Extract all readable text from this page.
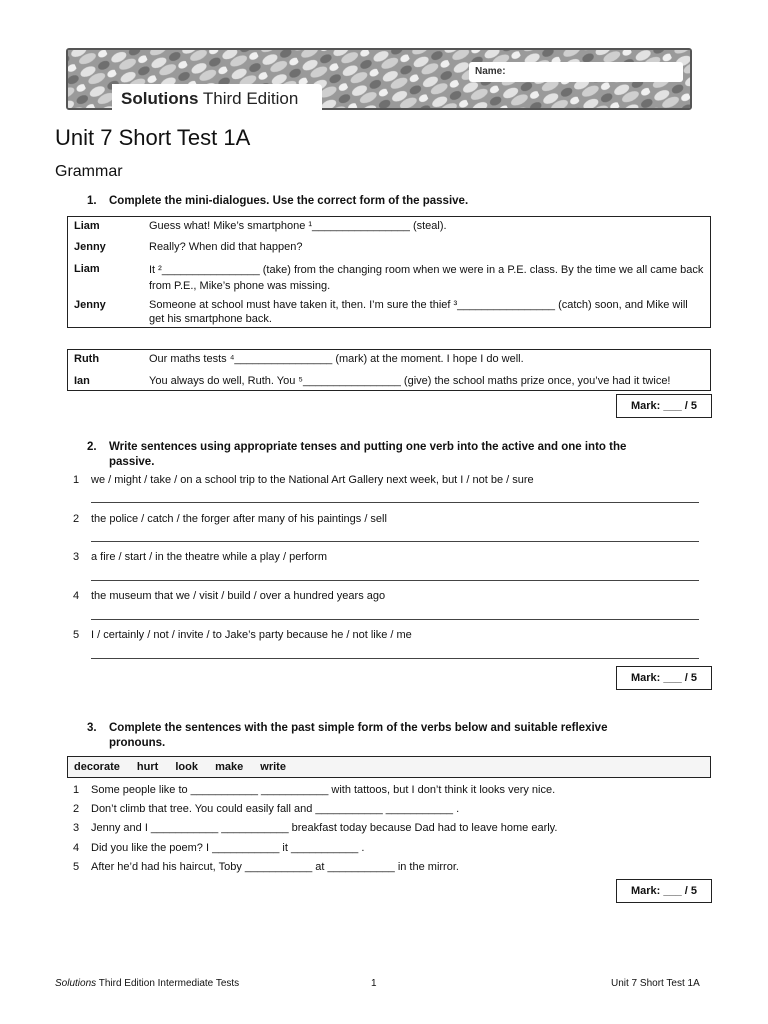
Solutions Third Edition
Name:
Unit 7 Short Test 1A
Grammar
1. Complete the mini-dialogues. Use the correct form of the passive.
Liam	Guess what! Mike’s smartphone ¹________________ (steal).
Jenny	Really? When did that happen?
Liam	It ²________________ (take) from the changing room when we were in a P.E. class. By the time we all came back from P.E., Mike’s phone was missing.
Jenny	Someone at school must have taken it, then. I’m sure the thief ³________________ (catch) soon, and Mike will get his smartphone back.
Ruth	Our maths tests ⁴________________ (mark) at the moment. I hope I do well.
Ian	You always do well, Ruth. You ⁵________________ (give) the school maths prize once, you’ve had it twice!
Mark: ___ / 5
2. Write sentences using appropriate tenses and putting one verb into the active and one into the passive.
1 we / might / take / on a school trip to the National Art Gallery next week, but I / not be / sure
2 the police / catch / the forger after many of his paintings / sell
3 a fire / start / in the theatre while a play / perform
4 the museum that we / visit / build / over a hundred years ago
5 I / certainly / not / invite / to Jake’s party because he / not like / me
Mark: ___ / 5
3. Complete the sentences with the past simple form of the verbs below and suitable reflexive pronouns.
decorate hurt look make write
1 Some people like to ___________ ___________ with tattoos, but I don’t think it looks very nice.
2 Don’t climb that tree. You could easily fall and ___________ ___________ .
3 Jenny and I ___________ ___________ breakfast today because Dad had to leave home early.
4 Did you like the poem? I ___________ it ___________ .
5 After he’d had his haircut, Toby ___________ at ___________ in the mirror.
Mark: ___ / 5
Solutions Third Edition Intermediate Tests	1	Unit 7 Short Test 1A
